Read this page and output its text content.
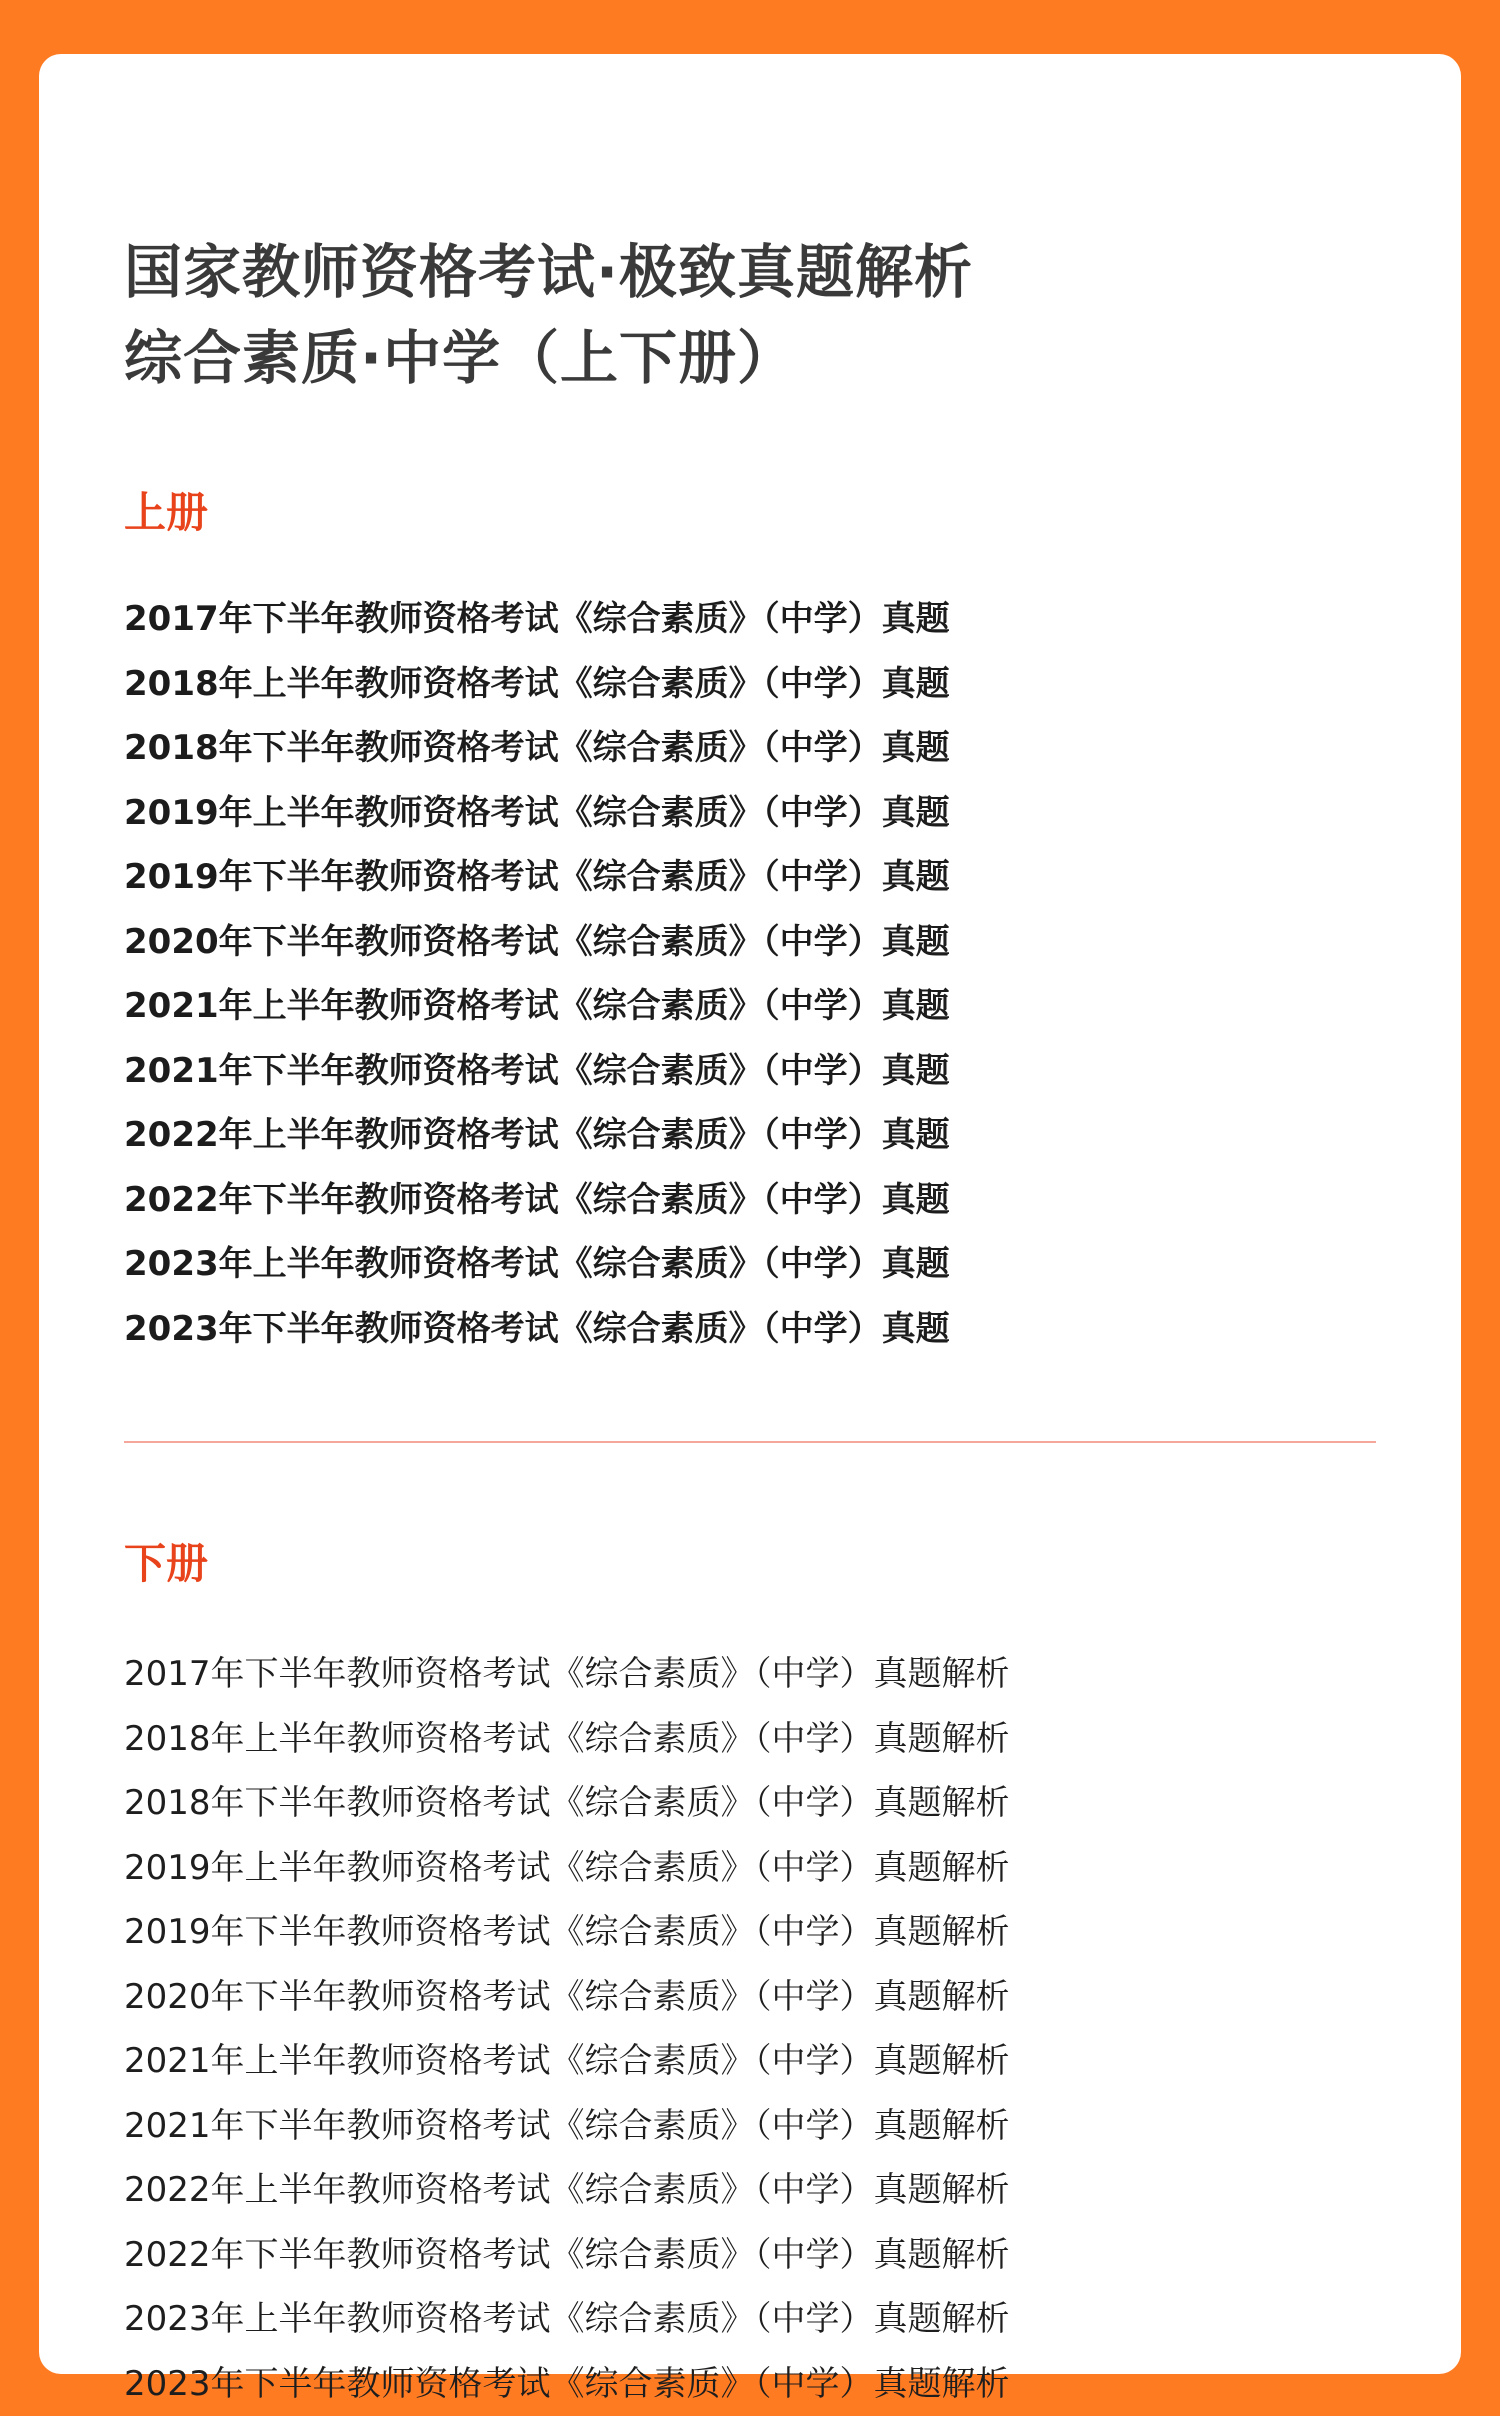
国家教师资格考试·极致真题解析
综合素质·中学（上下册）
上册
2017年下半年教师资格考试《综合素质》（中学）真题
2018年上半年教师资格考试《综合素质》（中学）真题
2018年下半年教师资格考试《综合素质》（中学）真题
2019年上半年教师资格考试《综合素质》（中学）真题
2019年下半年教师资格考试《综合素质》（中学）真题
2020年下半年教师资格考试《综合素质》（中学）真题
2021年上半年教师资格考试《综合素质》（中学）真题
2021年下半年教师资格考试《综合素质》（中学）真题
2022年上半年教师资格考试《综合素质》（中学）真题
2022年下半年教师资格考试《综合素质》（中学）真题
2023年上半年教师资格考试《综合素质》（中学）真题
2023年下半年教师资格考试《综合素质》（中学）真题
下册
2017年下半年教师资格考试《综合素质》（中学）真题解析
2018年上半年教师资格考试《综合素质》（中学）真题解析
2018年下半年教师资格考试《综合素质》（中学）真题解析
2019年上半年教师资格考试《综合素质》（中学）真题解析
2019年下半年教师资格考试《综合素质》（中学）真题解析
2020年下半年教师资格考试《综合素质》（中学）真题解析
2021年上半年教师资格考试《综合素质》（中学）真题解析
2021年下半年教师资格考试《综合素质》（中学）真题解析
2022年上半年教师资格考试《综合素质》（中学）真题解析
2022年下半年教师资格考试《综合素质》（中学）真题解析
2023年上半年教师资格考试《综合素质》（中学）真题解析
2023年下半年教师资格考试《综合素质》（中学）真题解析
